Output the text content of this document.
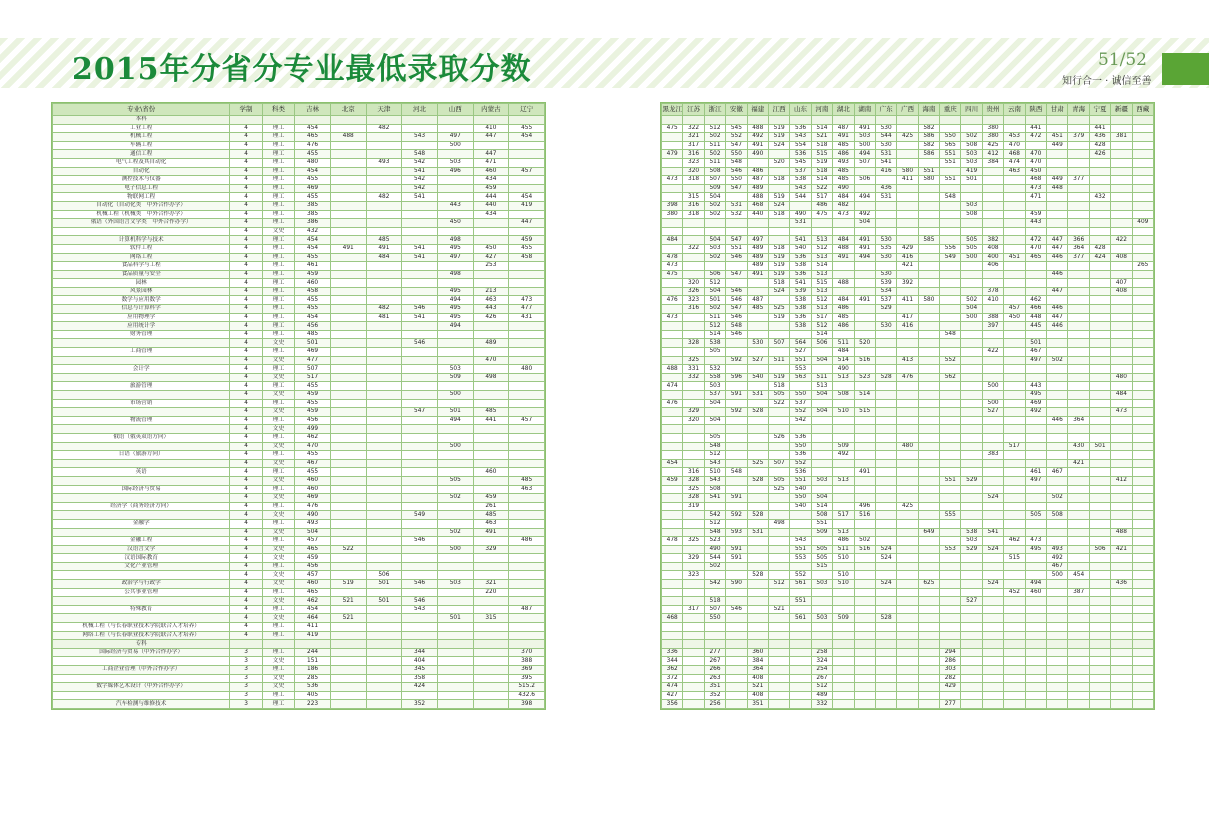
2015年分省分专业最低录取分数	51/52
知行合一 · 诚信至善
专业\省份	学制	科类	吉林	北京	天津	河北	山西	内蒙古	辽宁
本科									
工业工程	4	理工	454		482			410	455
机械工程	4	理工	465	488		543	497	447	454
车辆工程	4	理工	476				500		
通信工程	4	理工	455			548		447	
电气工程及其自动化	4	理工	480		493	542	503	471	
自动化	4	理工	454			541	496	460	457
测控技术与仪器	4	理工	455			542		434	
电子信息工程	4	理工	469			542		459	
物联网工程	4	理工	455		482	541		444	454
自动化（自动化类　中外合作办学）	4	理工	385				443	440	419
机械工程（机械类　中外合作办学）	4	理工	385					434	
俄语（外国语言文学类　中外合作办学）	4	理工	386				450		447
	4	文史	432						
计算机科学与技术	4	理工	454		485		498		459
软件工程	4	理工	454	491	491	541	495	450	455
网络工程	4	理工	455		484	541	497	427	458
食品科学与工程	4	理工	461					253	
食品质量与安全	4	理工	459				498		
园林	4	理工	460						
风景园林	4	理工	458				495	213	
数学与应用数学	4	理工	455				494	463	473
信息与计算科学	4	理工	455		482	546	495	443	477
应用物理学	4	理工	454		481	541	495	426	431
应用统计学	4	理工	456				494		
财务管理	4	理工	485						
	4	文史	501			546		489	
工商管理	4	理工	469						
	4	文史	477					470	
会计学	4	理工	507				503		480
	4	文史	517				509	498	
旅游管理	4	理工	455						
	4	文史	459				500		
市场营销	4	理工	455						
	4	文史	459			547	501	485	
物流管理	4	理工	456				494	441	457
	4	文史	499						
俄语（俄英双语方向）	4	理工	462						
	4	文史	470				500		
日语（旅游方向）	4	理工	455						
	4	文史	467						
英语	4	理工	455					460	
	4	文史	460				505		485
国际经济与贸易	4	理工	460						463
	4	文史	469				502	459	
经济学（商务经济方向）	4	理工	476					261	
	4	文史	490			549		485	
金融学	4	理工	493					463	
	4	文史	504				502	491	
金融工程	4	理工	457			546			486
汉语言文学	4	文史	465	522			500	329	
汉语国际教育	4	文史	459						
文化产业管理	4	理工	456						
	4	文史	457		506				
政治学与行政学	4	文史	460	519	501	546	503	321	
公共事业管理	4	理工	465					220	
	4	文史	462	521	501	546			
特殊教育	4	理工	454			543			487
	4	文史	464	521			501	315	
机械工程（与长春职业技术学院联合人才培养）	4	理工	411						
网络工程（与长春职业技术学院联合人才培养）	4	理工	419						
专科									
国际经济与贸易（中外合作办学）	3	理工	244			344			370
	3	文史	151			404			388
工商企业管理（中外合作办学）	3	理工	186			345			369
	3	文史	285			358			395
数字媒体艺术设计（中外合作办学）	3	文史	536			424			515.2
	3	理工	405						432.6
汽车检测与维修技术	3	理工	223			352			398
黑龙江	江苏	浙江	安徽	福建	江西	山东	河南	湖北	湖南	广东	广西	海南	重庆	四川	贵州	云南	陕西	甘肃	青海	宁夏	新疆	西藏

475	322	512	545	488	519	536	514	487	491	530		582			380		441			441		
	321	502	552	492	519	543	521	491	503	544	425	586	550	502	380	453	472	451	379	436	381	
	317	511	547	491	524	554	518	485	500	530		582	565	508	425	470		449		428		
479	316	502	550	490		536	515	486	494	531		586	551	503	412	468	470			426		
	323	511	548		520	545	519	493	507	541			551	503	384	474	470					
	320	508	546	486		537	518	485		416	580	551		419		463	450					
473	318	507	550	487	518	538	514	485	506		411	580	551	501			468	449	377			
		509	547	489		543	522	490		436							473	448				
	315	504		488	519	544	517	484	494	531			548				471			432		
398	316	502	531	468	524		486	482						503								
380	318	502	532	440	518	490	475	473	492					508			459					
						531			504								443					409

484		504	547	497		541	513	484	491	530		585		505	382		472	447	366		422	
	322	503	551	489	518	540	512	488	491	535	429		556	505	408		470	447	364	428		
478		502	546	489	519	536	513	491	494	530	416		549	500	400	451	465	446	377	424	408	
473				489	519	538	514				421				406							265
475		506	547	491	519	536	513			530								446				
	320	512			518	541	515	488		539	392										407	
	326	504	546		524	539	513			534					378			447			408	
476	323	501	546	487		538	512	484	491	537	411	580		502	410		462					
	316	502	547	485	525	538	513	486		529				504		457	466	446				
473		511	546		519	536	517	485			417			500	388	450	448	447				
		512	548			538	512	486		530	416				397		445	446				
		514	546				514						548									
	328	538		530	507	564	506	511	520								501					
		505				527		484							422		467					
	325		592	527	511	551	504	514	516		413		552				497	502				
488	331	532				553		490														
	332	558	596	540	519	563	511	513	523	528	476		562								480	
474		503			518		513								500		443					
		537	591	531	505	550	504	508	514								495				484	
476		504			522	537									500		469					
	329		592	528		552	504	510	515						527		492				473	
	320	504				542												446	364			

		505			526	536																
		548				550		509			480					517			430	501		
		512				536		492							383							
454		543		525	507	552													421			
	316	510	548			536			491								461	467				
459	328	543		528	505	551	503	513					551	529			497				412	
	325	508			525	540																
	328	541	591			550	504								524			502				
	319					540	514		496		425											
		542	592	528			508	517	516				555				505	508				
		512			498		551															
		548	593	531			509	513				649		538	541						488	
478	325	523				543		486	502					503		462	473					
		490	591			551	505	511	516	524			553	529	524		495	493		506	421	
	329	544	591			553	505	510		524						515		492				
		502					515											467				
	323			528		552		510										500	454			
		542	590		512	561	503	510		524		625			524		494				436	
																452	460		387			
		518				551								527								
	317	507	546		521																	
468		550				561	503	509		528												

336		277		360			258						294									
344		267		384			324						286									
362		266		364			254						303									
372		263		408			267						282									
474		351		521			512						429									
427		352		408			489															
356		256		351			332						277									
